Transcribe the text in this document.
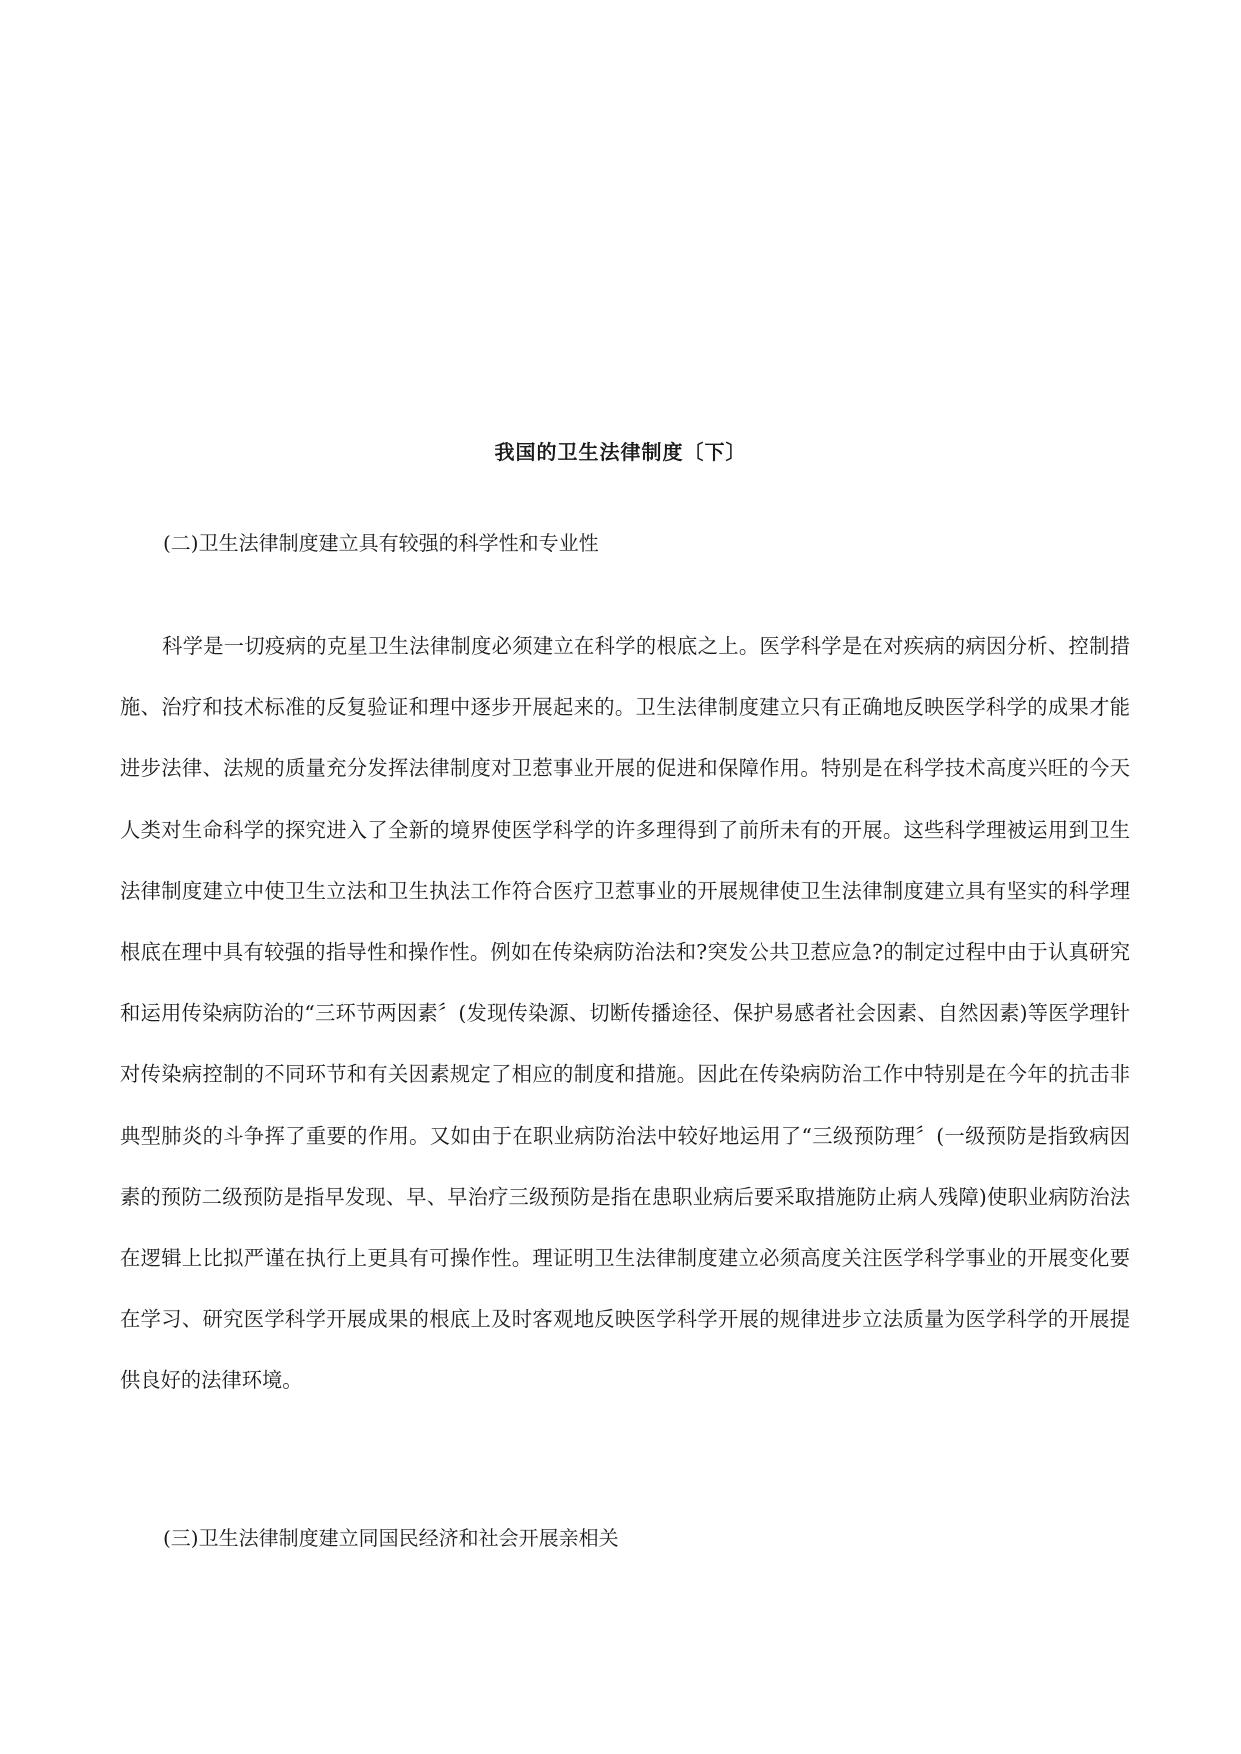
我国的卫生法律制度〔下〕

(二)卫生法律制度建立具有较强的科学性和专业性

科学是一切疫病的克星卫生法律制度必须建立在科学的根底之上。医学科学是在对疾病的病因分析、控制措施、治疗和技术标准的反复验证和理中逐步开展起来的。卫生法律制度建立只有正确地反映医学科学的成果才能进步法律、法规的质量充分发挥法律制度对卫惹事业开展的促进和保障作用。特别是在科学技术高度兴旺的今天人类对生命科学的探究进入了全新的境界使医学科学的许多理得到了前所未有的开展。这些科学理被运用到卫生法律制度建立中使卫生立法和卫生执法工作符合医疗卫惹事业的开展规律使卫生法律制度建立具有坚实的科学理根底在理中具有较强的指导性和操作性。例如在传染病防治法和?突发公共卫惹应急?的制定过程中由于认真研究和运用传染病防治的“三环节两因素〞(发现传染源、切断传播途径、保护易感者社会因素、自然因素)等医学理针对传染病控制的不同环节和有关因素规定了相应的制度和措施。因此在传染病防治工作中特别是在今年的抗击非典型肺炎的斗争挥了重要的作用。又如由于在职业病防治法中较好地运用了“三级预防理〞(一级预防是指致病因素的预防二级预防是指早发现、早、早治疗三级预防是指在患职业病后要采取措施防止病人残障)使职业病防治法在逻辑上比拟严谨在执行上更具有可操作性。理证明卫生法律制度建立必须高度关注医学科学事业的开展变化要在学习、研究医学科学开展成果的根底上及时客观地反映医学科学开展的规律进步立法质量为医学科学的开展提供良好的法律环境。

(三)卫生法律制度建立同国民经济和社会开展亲相关
